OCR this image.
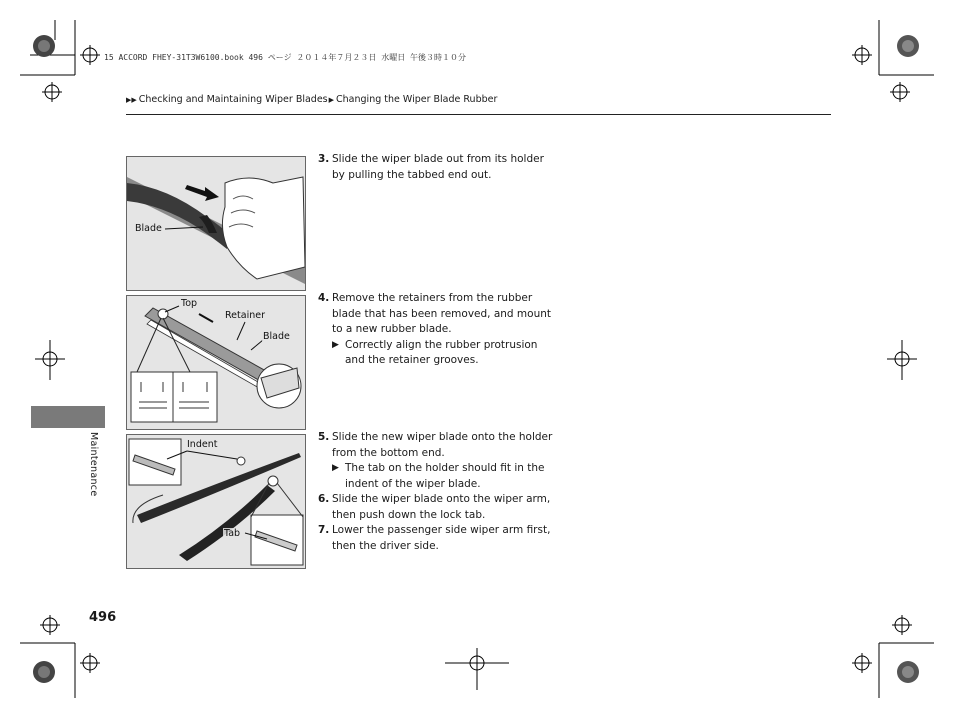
15 ACCORD FHEY-31T3W6100.book 496 ページ ２０１４年７月２３日 水曜日 午後３時１０分
▶▶ Checking and Maintaining Wiper Blades ▶ Changing the Wiper Blade Rubber
Maintenance
496
Blade
Top
Retainer
Blade
Indent
Tab
3. Slide the wiper blade out from its holder by pulling the tabbed end out.
4. Remove the retainers from the rubber blade that has been removed, and mount to a new rubber blade.
▶ Correctly align the rubber protrusion and the retainer grooves.
5. Slide the new wiper blade onto the holder from the bottom end.
▶ The tab on the holder should fit in the indent of the wiper blade.
6. Slide the wiper blade onto the wiper arm, then push down the lock tab.
7. Lower the passenger side wiper arm first, then the driver side.
